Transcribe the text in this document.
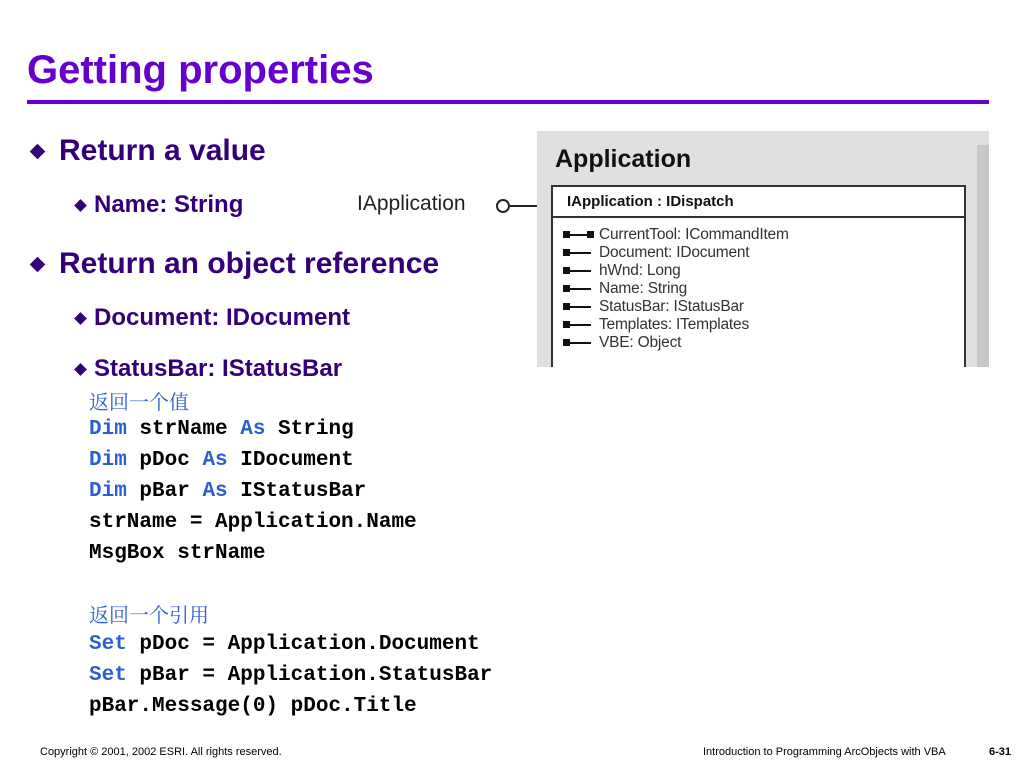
Getting properties
Return a value
Name: String
Return an object reference
Document: IDocument
StatusBar: IStatusBar
IApplication
Application
IApplication : IDispatch
CurrentTool: ICommandItem
Document: IDocument
hWnd: Long
Name: String
StatusBar: IStatusBar
Templates: ITemplates
VBE: Object
返回一个值
Dim strName As String
Dim pDoc As IDocument
Dim pBar As IStatusBar
strName = Application.Name
MsgBox strName
返回一个引用
Set pDoc = Application.Document
Set pBar = Application.StatusBar
pBar.Message(0) pDoc.Title
Copyright © 2001, 2002 ESRI. All rights reserved.	Introduction to Programming ArcObjects with VBA	6-31
